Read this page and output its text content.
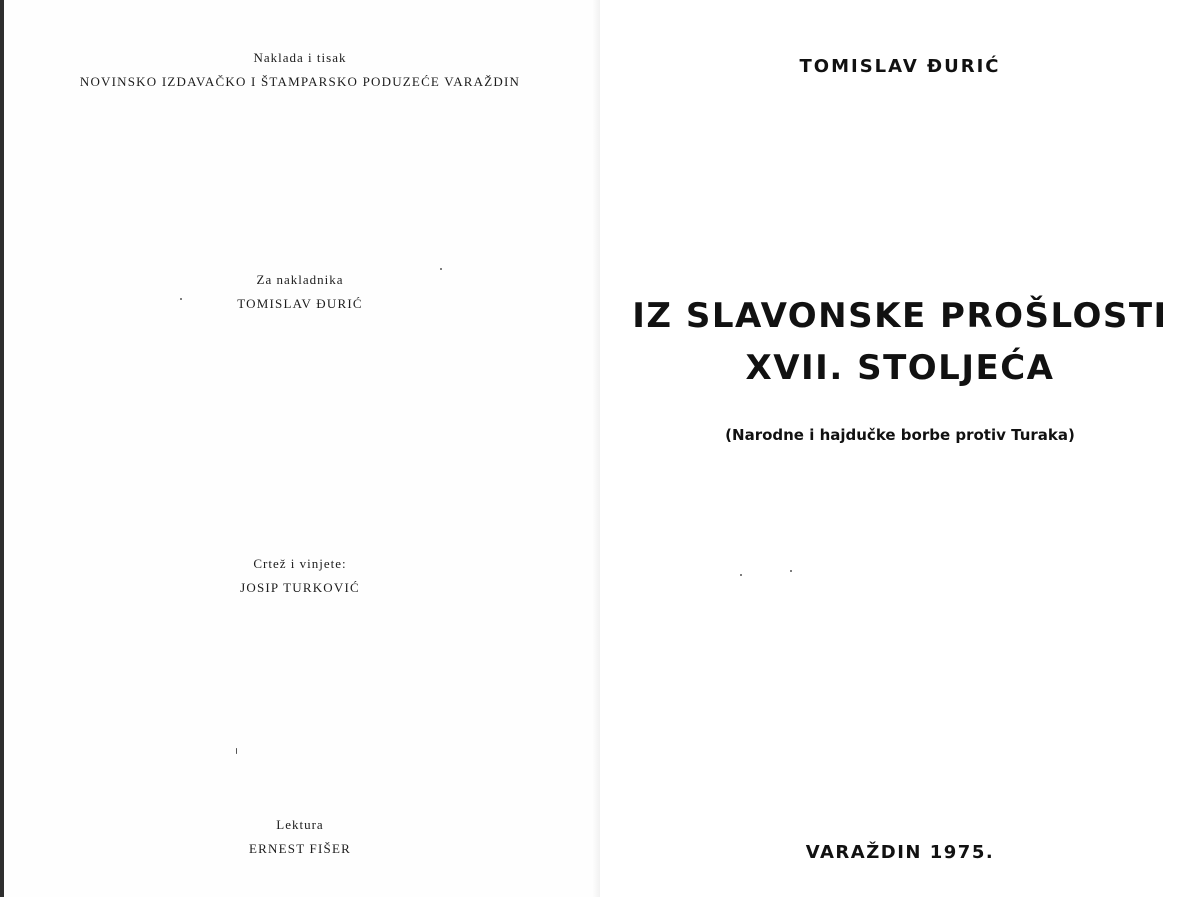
Naklada i tisak
NOVINSKO IZDAVAČKO I ŠTAMPARSKO PODUZEĆE VARAŽDIN
Za nakladnika
TOMISLAV ĐURIĆ
Crtež i vinjete:
JOSIP TURKOVIĆ
Lektura
ERNEST FIŠER
TOMISLAV ĐURIĆ
IZ SLAVONSKE PROŠLOSTI
XVII. STOLJEĆA
(Narodne i hajdučke borbe protiv Turaka)
VARAŽDIN 1975.
